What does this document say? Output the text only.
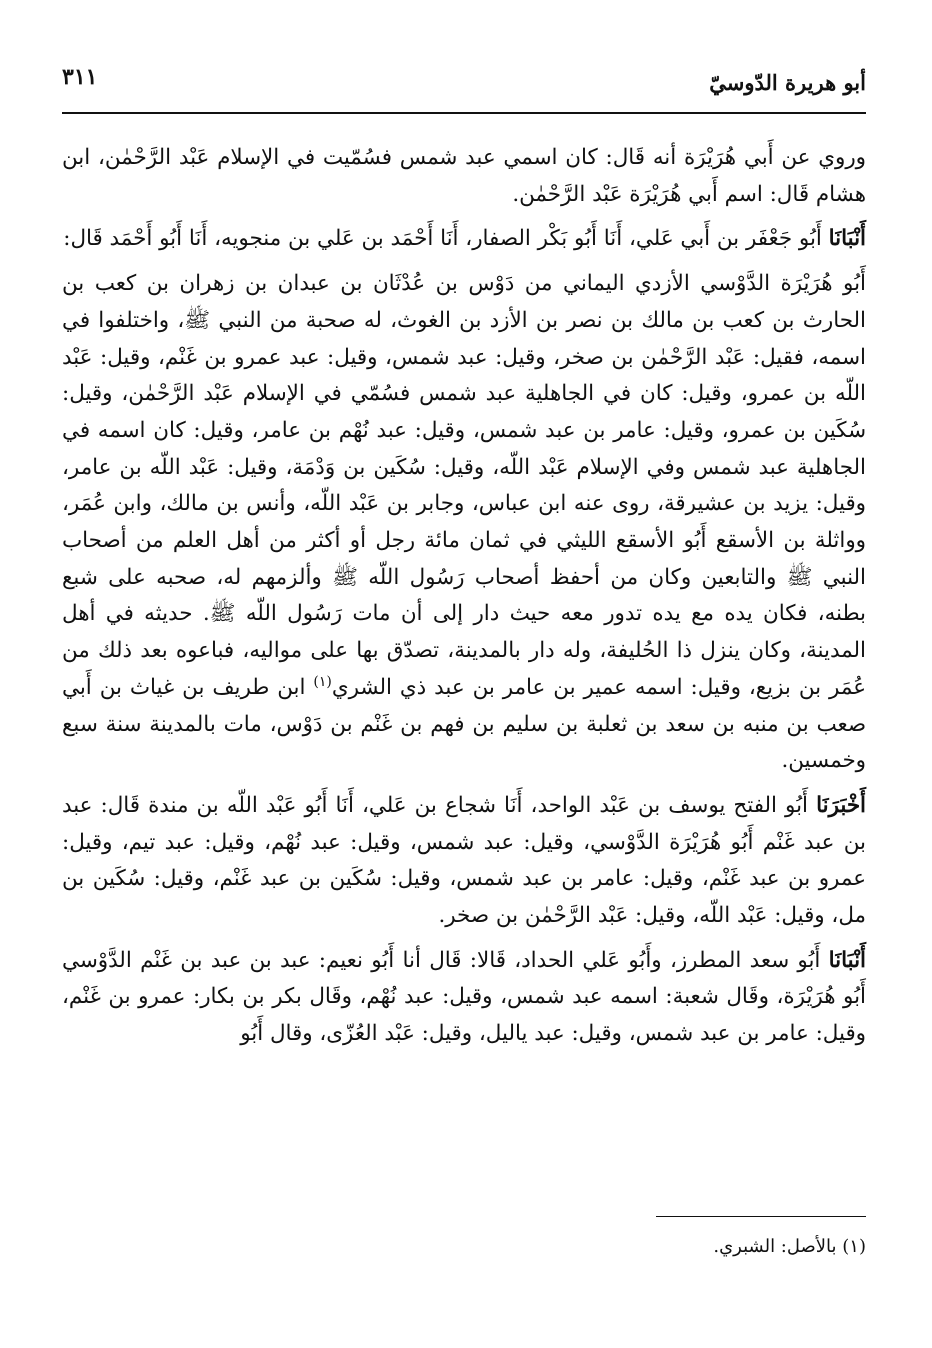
أبو هريرة الدّوسيّ
٣١١

وروي عن أَبي هُرَيْرَة أنه قَال: كان اسمي عبد شمس فسُمّيت في الإسلام عَبْد الرَّحْمٰن، ابن هشام قَال: اسم أَبي هُرَيْرَة عَبْد الرَّحْمٰن.

أَنْبَانَا أَبُو جَعْفَر بن أَبي عَلي، أَنَا أَبُو بَكْر الصفار، أَنَا أَحْمَد بن عَلي بن منجويه، أَنَا أَبُو أَحْمَد قَال:

أَبُو هُرَيْرَة الدَّوْسي الأزدي اليماني من دَوْس بن عُدْثَان بن عبدان بن زهران بن كعب بن الحارث بن كعب بن مالك بن نصر بن الأزد بن الغوث، له صحبة من النبي ﷺ، واختلفوا في اسمه، فقيل: عَبْد الرَّحْمٰن بن صخر، وقيل: عبد شمس، وقيل: عبد عمرو بن غَنْم، وقيل: عَبْد اللّه بن عمرو، وقيل: كان في الجاهلية عبد شمس فسُمّي في الإسلام عَبْد الرَّحْمٰن، وقيل: سُكَين بن عمرو، وقيل: عامر بن عبد شمس، وقيل: عبد نُهْم بن عامر، وقيل: كان اسمه في الجاهلية عبد شمس وفي الإسلام عَبْد اللّه، وقيل: سُكَين بن وَدْمَة، وقيل: عَبْد اللّه بن عامر، وقيل: يزيد بن عشيرقة، روى عنه ابن عباس، وجابر بن عَبْد اللّه، وأنس بن مالك، وابن عُمَر، وواثلة بن الأسقع أَبُو الأسقع الليثي في ثمان مائة رجل أو أكثر من أهل العلم من أصحاب النبي ﷺ والتابعين وكان من أحفظ أصحاب رَسُول اللّه ﷺ وألزمهم له، صحبه على شبع بطنه، فكان يده مع يده تدور معه حيث دار إلى أن مات رَسُول اللّه ﷺ. حديثه في أهل المدينة، وكان ينزل ذا الحُليفة، وله دار بالمدينة، تصدّق بها على مواليه، فباعوه بعد ذلك من عُمَر بن بزيع، وقيل: اسمه عمير بن عامر بن عبد ذي الشري$^{(١)}$ ابن طريف بن غياث بن أَبي صعب بن منبه بن سعد بن ثعلبة بن سليم بن فهم بن غَنْم بن دَوْس، مات بالمدينة سنة سبع وخمسين.

أَخْبَرَنَا أَبُو الفتح يوسف بن عَبْد الواحد، أَنَا شجاع بن عَلي، أَنَا أَبُو عَبْد اللّه بن مندة قَال: عبد بن عبد غَنْم أَبُو هُرَيْرَة الدَّوْسي، وقيل: عبد شمس، وقيل: عبد نُهْم، وقيل: عبد تيم، وقيل: عمرو بن عبد غَنْم، وقيل: عامر بن عبد شمس، وقيل: سُكَين بن عبد غَنْم، وقيل: سُكَين بن مل، وقيل: عَبْد اللّه، وقيل: عَبْد الرَّحْمٰن بن صخر.

أَنْبَانَا أَبُو سعد المطرز، وأَبُو عَلي الحداد، قَالا: قَال أنا أَبُو نعيم: عبد بن عبد بن غَنْم الدَّوْسي أَبُو هُرَيْرَة، وقَال شعبة: اسمه عبد شمس، وقيل: عبد نُهْم، وقَال بكر بن بكار: عمرو بن غَنْم، وقيل: عامر بن عبد شمس، وقيل: عبد ياليل، وقيل: عَبْد العُزّى، وقال أَبُو

(١) بالأصل: الشبري.
